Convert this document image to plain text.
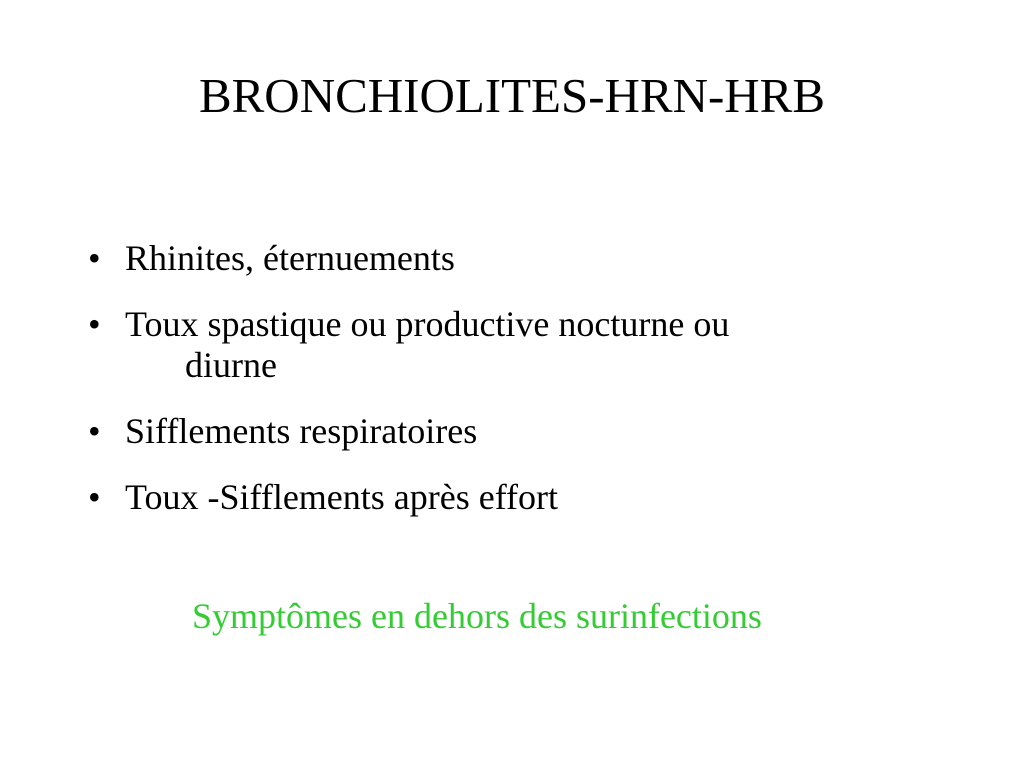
BRONCHIOLITES-HRN-HRB
• Rhinites, éternuements
• Toux spastique ou productive nocturne ou
diurne
• Sifflements respiratoires
• Toux -Sifflements après effort
Symptômes en dehors des surinfections
